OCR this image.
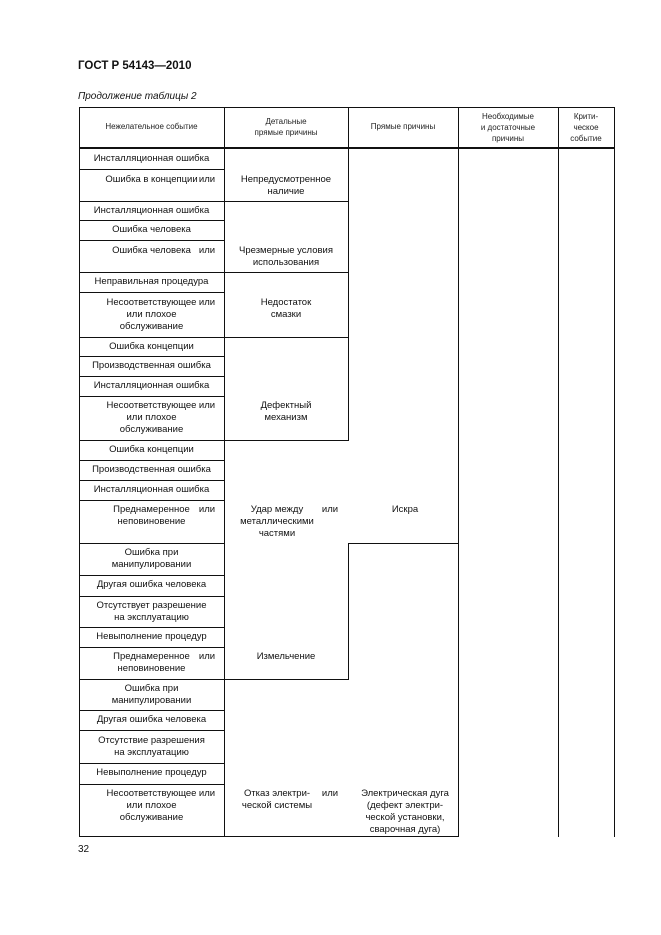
ГОСТ Р 54143—2010
Продолжение таблицы 2
Нежелательное событие
Детальные
прямые причины
Прямые причины
Необходимые
и достаточные
причины
Крити-
ческое
событие
Инсталляционная ошибка
Ошибка в концепции
Инсталляционная ошибка
Ошибка человека
Ошибка человека
Неправильная процедура
Несоответствующее
или плохое
обслуживание
Ошибка концепции
Производственная ошибка
Инсталляционная ошибка
Несоответствующее
или плохое
обслуживание
Ошибка концепции
Производственная ошибка
Инсталляционная ошибка
Преднамеренное
неповиновение
Ошибка при
манипулировании
Другая ошибка человека
Отсутствует разрешение
на эксплуатацию
Невыполнение процедур
Преднамеренное
неповиновение
Ошибка при
манипулировании
Другая ошибка человека
Отсутствие разрешения
на эксплуатацию
Невыполнение процедур
Несоответствующее
или плохое
обслуживание
или
или
или
или
или
или
или
Непредусмотренное
наличие
Чрезмерные условия
использования
Недостаток
смазки
Дефектный
механизм
Удар между
металлическими
частями
Измельчение
Отказ электри-
ческой системы
или
или
Искра
Электрическая дуга
(дефект электри-
ческой установки,
сварочная дуга)
32
